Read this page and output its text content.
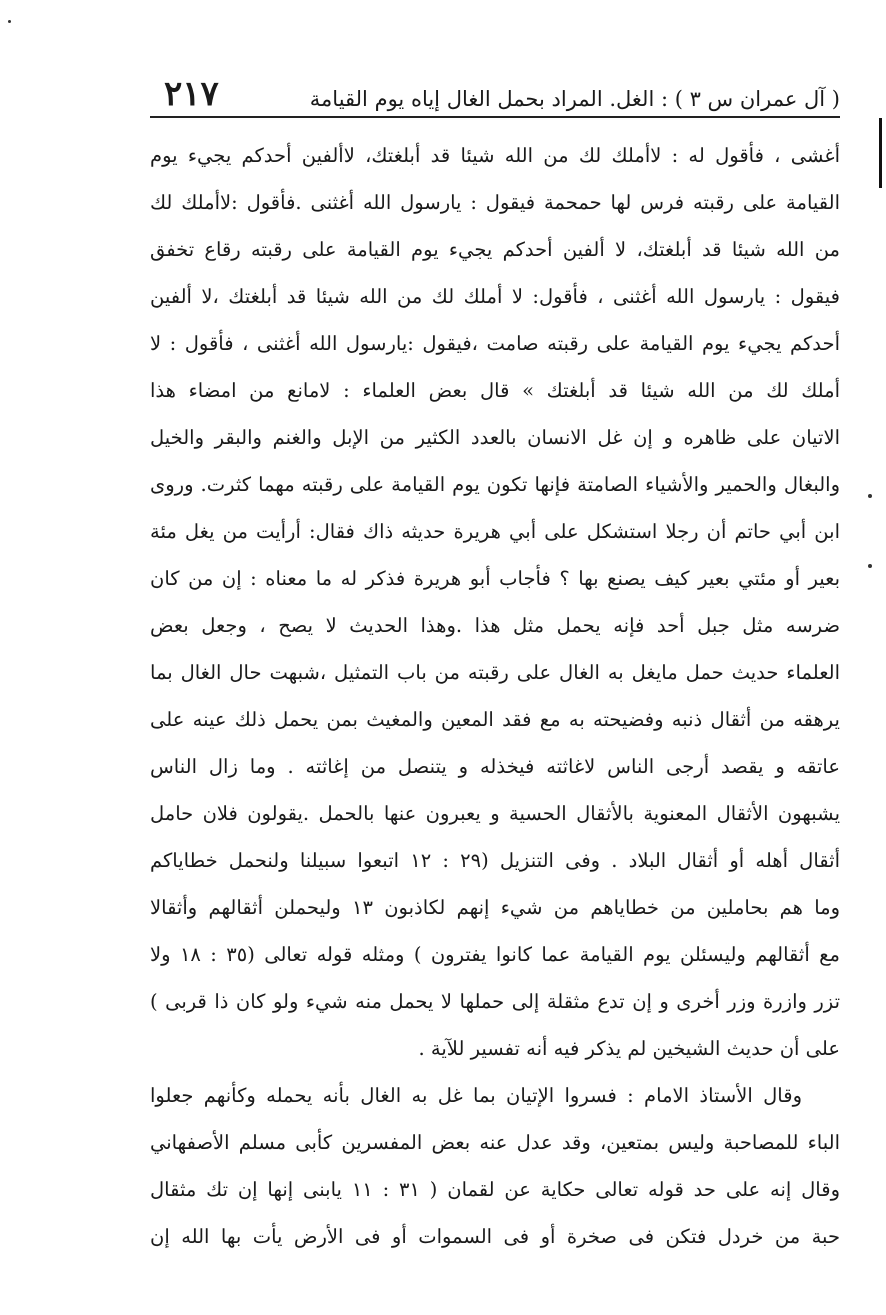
( آل عمران س ٣ ) : الغل. المراد بحمل الغال إياه يوم القيامة
٢١٧
أغشى ، فأقول له : لاأملك لك من الله شيئا قد أبلغتك، لاألفين أحدكم يجيء يوم
القيامة على رقبته فرس لها حمحمة فيقول : يارسول الله أغثنى .فأقول :لاأملك لك
من الله شيئا قد أبلغتك، لا ألفين أحدكم يجيء يوم القيامة على رقبته رقاع تخفق
فيقول : يارسول الله أغثنى ، فأقول: لا أملك لك من الله شيئا قد أبلغتك ،لا ألفين
أحدكم يجيء يوم القيامة على رقبته صامت ،فيقول :يارسول الله أغثنى ، فأقول : لا
أملك لك من الله شيئا قد أبلغتك » قال بعض العلماء : لامانع من امضاء هذا
الاتيان على ظاهره و إن غل الانسان بالعدد الكثير من الإبل والغنم والبقر والخيل
والبغال والحمير والأشياء الصامتة فإنها تكون يوم القيامة على رقبته مهما كثرت. وروى
ابن أبي حاتم أن رجلا استشكل على أبي هريرة حديثه ذاك فقال: أرأيت من يغل مئة
بعير أو مئتي بعير كيف يصنع بها ؟ فأجاب أبو هريرة فذكر له ما معناه : إن من كان
ضرسه مثل جبل أحد فإنه يحمل مثل هذا .وهذا الحديث لا يصح ، وجعل بعض
العلماء حديث حمل مايغل به الغال على رقبته من باب التمثيل ،شبهت حال الغال بما
يرهقه من أثقال ذنبه وفضيحته به مع فقد المعين والمغيث بمن يحمل ذلك عينه على
عاتقه و يقصد أرجى الناس لاغاثته فيخذله و يتنصل من إغاثته . وما زال الناس
يشبهون الأثقال المعنوية بالأثقال الحسية و يعبرون عنها بالحمل .يقولون فلان حامل
أثقال أهله أو أثقال البلاد . وفى التنزيل (٢٩ : ١٢ اتبعوا سبيلنا ولنحمل خطاياكم
وما هم بحاملين من خطاياهم من شيء إنهم لكاذبون ١٣ وليحملن أثقالهم وأثقالا
مع أثقالهم وليسئلن يوم القيامة عما كانوا يفترون ) ومثله قوله تعالى (٣٥ : ١٨ ولا
تزر وازرة وزر أخرى و إن تدع مثقلة إلى حملها لا يحمل منه شيء ولو كان ذا قربى )
على أن حديث الشيخين لم يذكر فيه أنه تفسير للآية .
وقال الأستاذ الامام : فسروا الإتيان بما غل به الغال بأنه يحمله وكأنهم جعلوا
الباء للمصاحبة وليس بمتعين، وقد عدل عنه بعض المفسرين كأبى مسلم الأصفهاني
وقال إنه على حد قوله تعالى حكاية عن لقمان ( ٣١ : ١١ يابنى إنها إن تك مثقال
حبة من خردل فتكن فى صخرة أو فى السموات أو فى الأرض يأت بها الله إن
